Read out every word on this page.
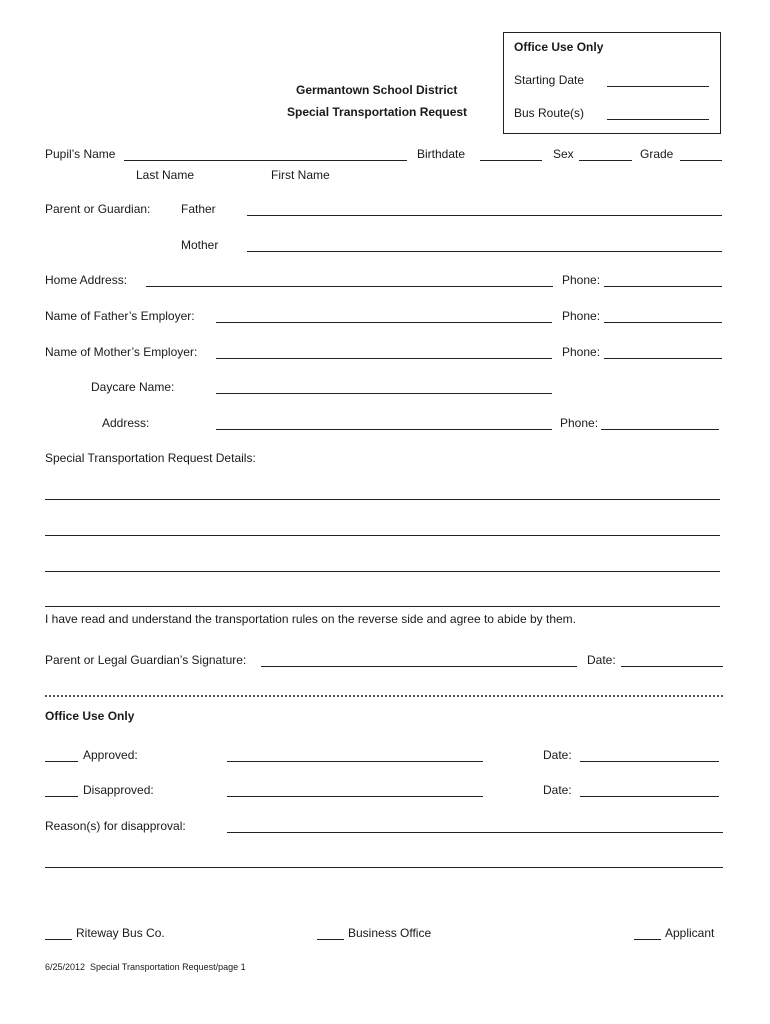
Office Use Only
Starting Date
Bus Route(s)
Germantown School District
Special Transportation Request
Pupil’s Name	Birthdate	Sex	Grade
Last Name	First Name
Parent or Guardian:	Father
Mother
Home Address:	Phone:
Name of Father’s Employer:	Phone:
Name of Mother’s Employer:	Phone:
Daycare Name:
Address:	Phone:
Special Transportation Request Details:
I have read and understand the transportation rules on the reverse side and agree to abide by them.
Parent or Legal Guardian’s Signature:	Date:
Office Use Only
Approved:	Date:
Disapproved:	Date:
Reason(s) for disapproval:
Riteway Bus Co.	Business Office	Applicant
6/25/2012  Special Transportation Request/page 1
